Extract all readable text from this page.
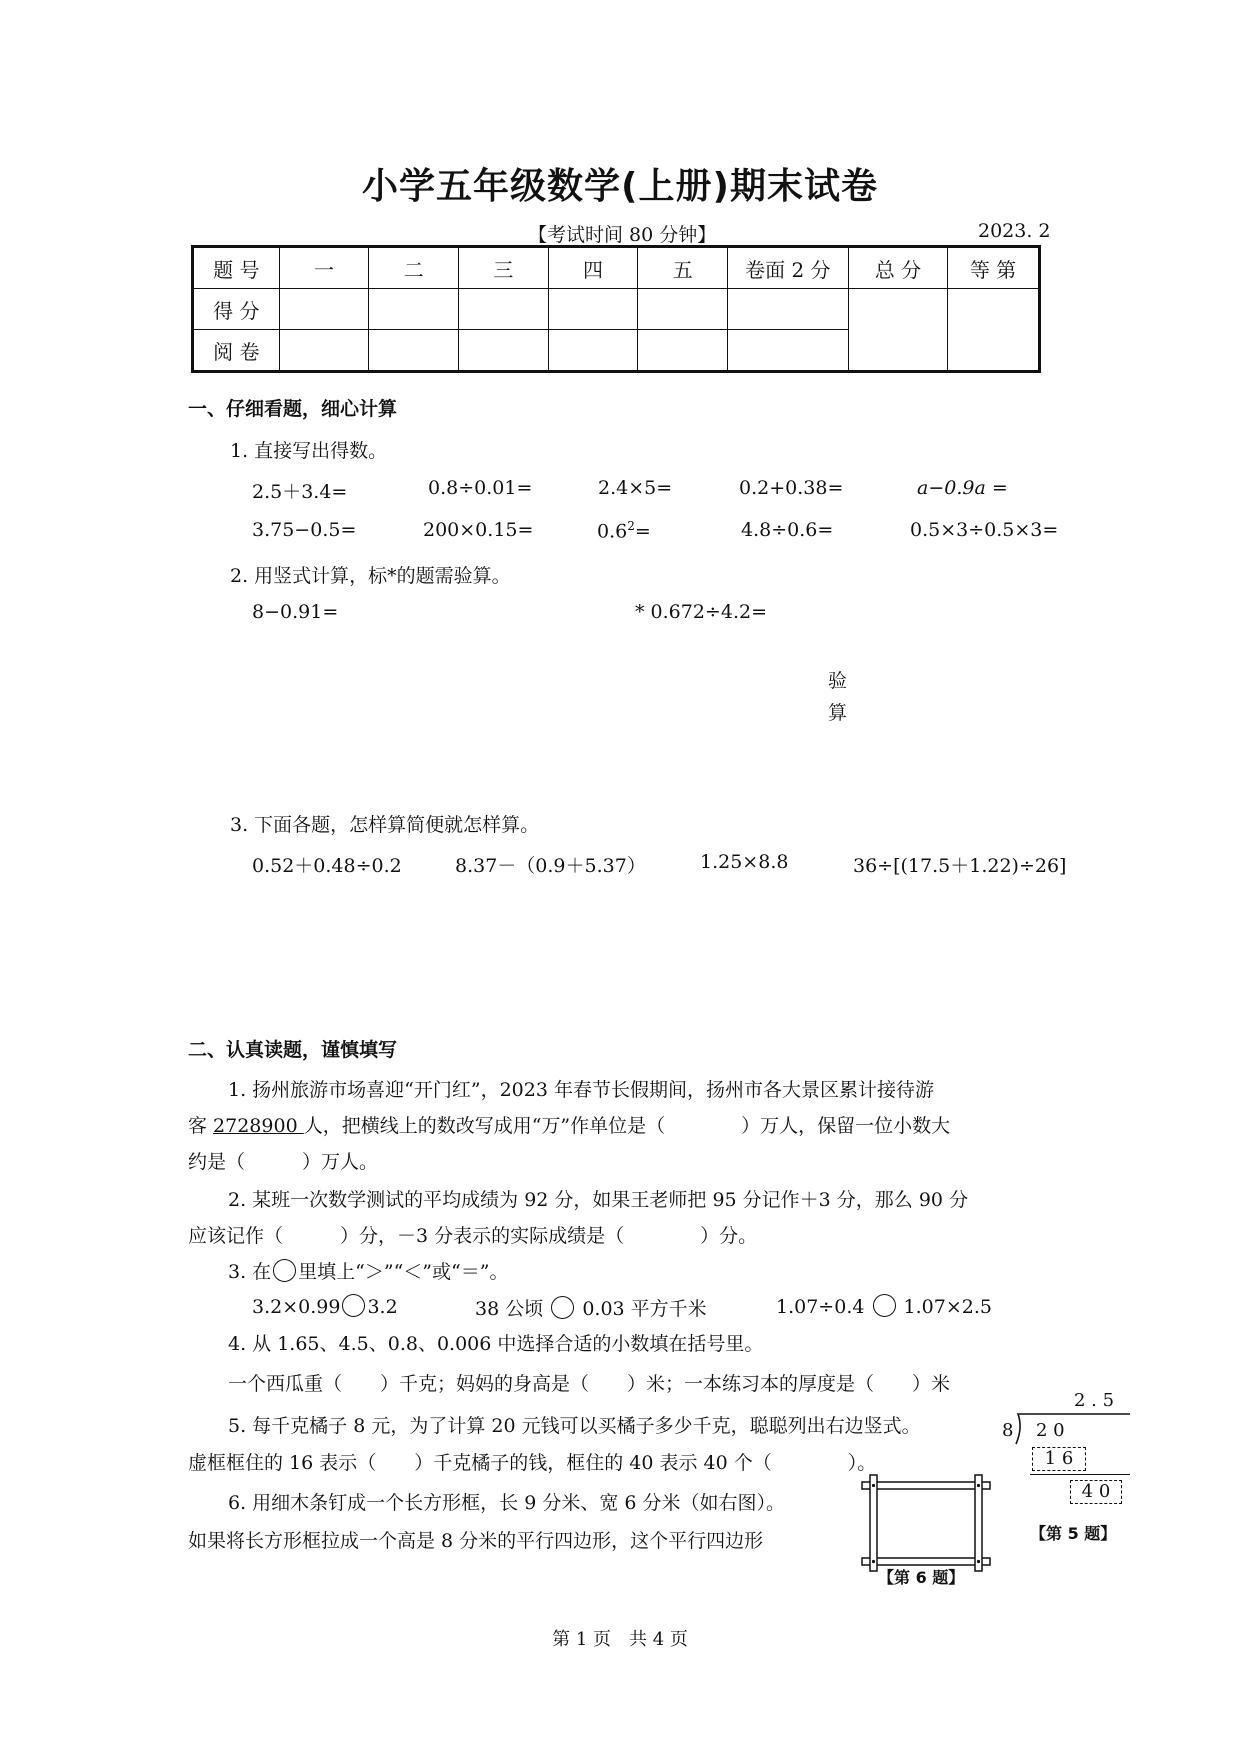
小学五年级数学(上册)期末试卷
【考试时间 80 分钟】	2023. 2
题 号	一	二	三	四	五	卷面 2 分	总 分	等 第
得 分								
阅 卷								
一、仔细看题，细心计算
1. 直接写出得数。
2.5＋3.4=	0.8÷0.01=	2.4×5=	0.2+0.38=	a−0.9a =
3.75−0.5=	200×0.15=	$0.6^2=$	4.8÷0.6=	0.5×3÷0.5×3=
2. 用竖式计算，标*的题需验算。
8−0.91=	* 0.672÷4.2=
验
算
3. 下面各题，怎样算简便就怎样算。
0.52＋0.48÷0.2	8.37－（0.9＋5.37）	1.25×8.8	36÷[(17.5＋1.22)÷26]
二、认真读题，谨慎填写
1. 扬州旅游市场喜迎“开门红”，2023 年春节长假期间，扬州市各大景区累计接待游
客 2728900 人，把横线上的数改写成用“万”作单位是（　　　　）万人，保留一位小数大
约是（　　　）万人。
2. 某班一次数学测试的平均成绩为 92 分，如果王老师把 95 分记作＋3 分，那么 90 分
应该记作（　　　）分，－3 分表示的实际成绩是（　　　　）分。
3. 在 里填上“＞”“＜”或“＝”。
3.2×0.99 3.2	38 公顷 0.03 平方千米	1.07÷0.4 1.07×2.5
4. 从 1.65、4.5、0.8、0.006 中选择合适的小数填在括号里。
一个西瓜重（　　）千克；妈妈的身高是（　　）米；一本练习本的厚度是（　　）米
5. 每千克橘子 8 元，为了计算 20 元钱可以买橘子多少千克，聪聪列出右边竖式。
虚框框住的 16 表示（　　）千克橘子的钱，框住的 40 表示 40 个（　　　　）。
2 . 5
8 2 0
1 6
4 0
【第 5 题】
6. 用细木条钉成一个长方形框，长 9 分米、宽 6 分米（如右图）。
如果将长方形框拉成一个高是 8 分米的平行四边形，这个平行四边形
【第 6 题】
第 1 页　共 4 页
